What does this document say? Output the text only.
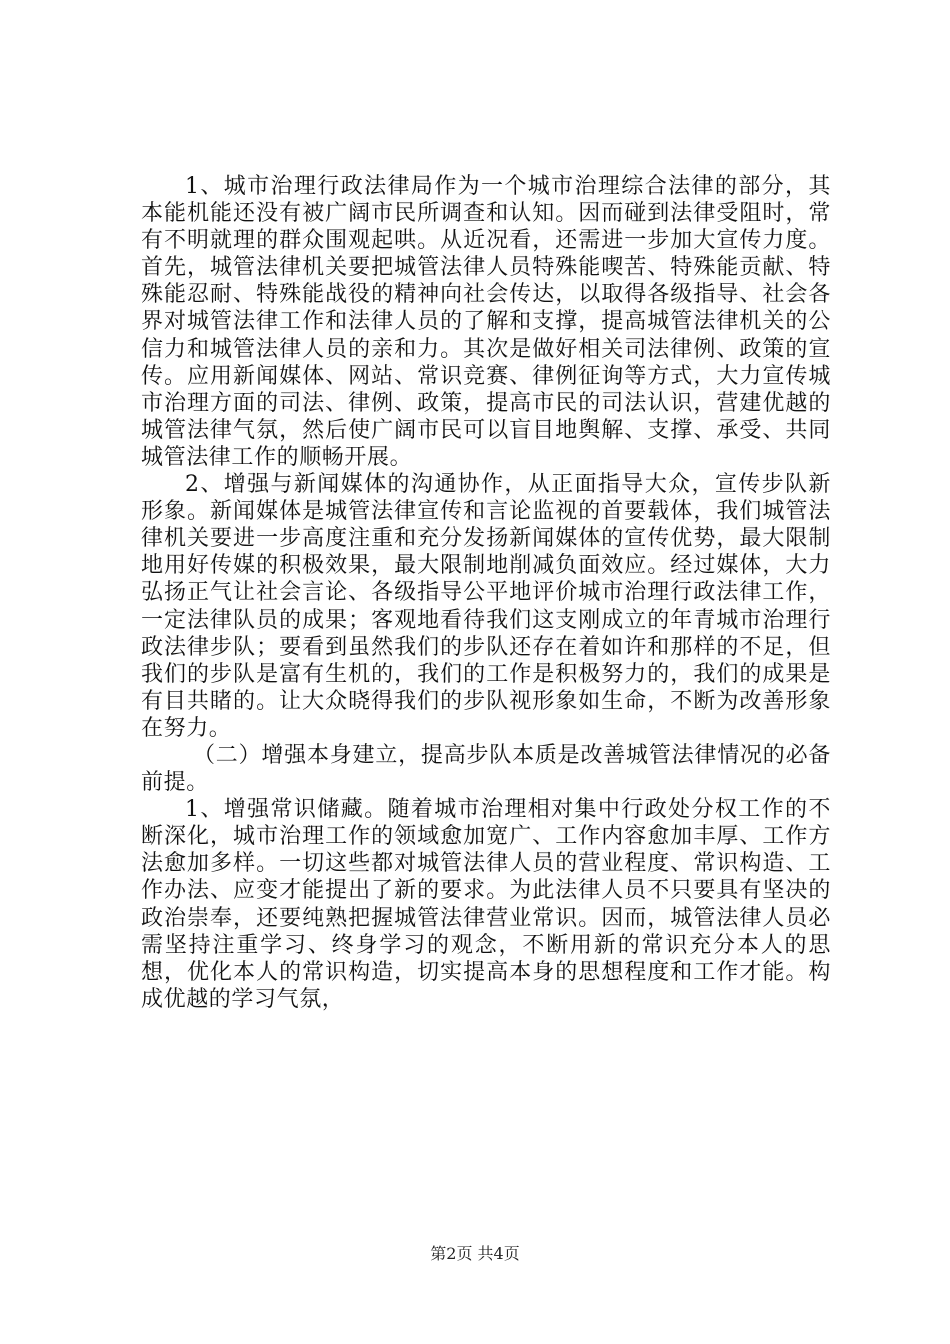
1、城市治理行政法律局作为一个城市治理综合法律的部分，其本能机能还没有被广阔市民所调查和认知。因而碰到法律受阻时，常有不明就理的群众围观起哄。从近况看，还需进一步加大宣传力度。首先，城管法律机关要把城管法律人员特殊能喫苦、特殊能贡献、特殊能忍耐、特殊能战役的精神向社会传达，以取得各级指导、社会各界对城管法律工作和法律人员的了解和支撑，提高城管法律机关的公信力和城管法律人员的亲和力。其次是做好相关司法律例、政策的宣传。应用新闻媒体、网站、常识竞赛、律例征询等方式，大力宣传城市治理方面的司法、律例、政策，提高市民的司法认识，营建优越的城管法律气氛，然后使广阔市民可以盲目地舆解、支撑、承受、共同城管法律工作的顺畅开展。

2、增强与新闻媒体的沟通协作，从正面指导大众，宣传步队新形象。新闻媒体是城管法律宣传和言论监视的首要载体，我们城管法律机关要进一步高度注重和充分发扬新闻媒体的宣传优势，最大限制地用好传媒的积极效果，最大限制地削减负面效应。经过媒体，大力弘扬正气让社会言论、各级指导公平地评价城市治理行政法律工作，一定法律队员的成果；客观地看待我们这支刚成立的年青城市治理行政法律步队；要看到虽然我们的步队还存在着如许和那样的不足，但我们的步队是富有生机的，我们的工作是积极努力的，我们的成果是有目共睹的。让大众晓得我们的步队视形象如生命，不断为改善形象在努力。

（二）增强本身建立，提高步队本质是改善城管法律情况的必备前提。

1、增强常识储藏。随着城市治理相对集中行政处分权工作的不断深化，城市治理工作的领域愈加宽广、工作内容愈加丰厚、工作方法愈加多样。一切这些都对城管法律人员的营业程度、常识构造、工作办法、应变才能提出了新的要求。为此法律人员不只要具有坚决的政治崇奉，还要纯熟把握城管法律营业常识。因而，城管法律人员必需坚持注重学习、终身学习的观念，不断用新的常识充分本人的思想，优化本人的常识构造，切实提高本身的思想程度和工作才能。构成优越的学习气氛，

第2页 共4页
